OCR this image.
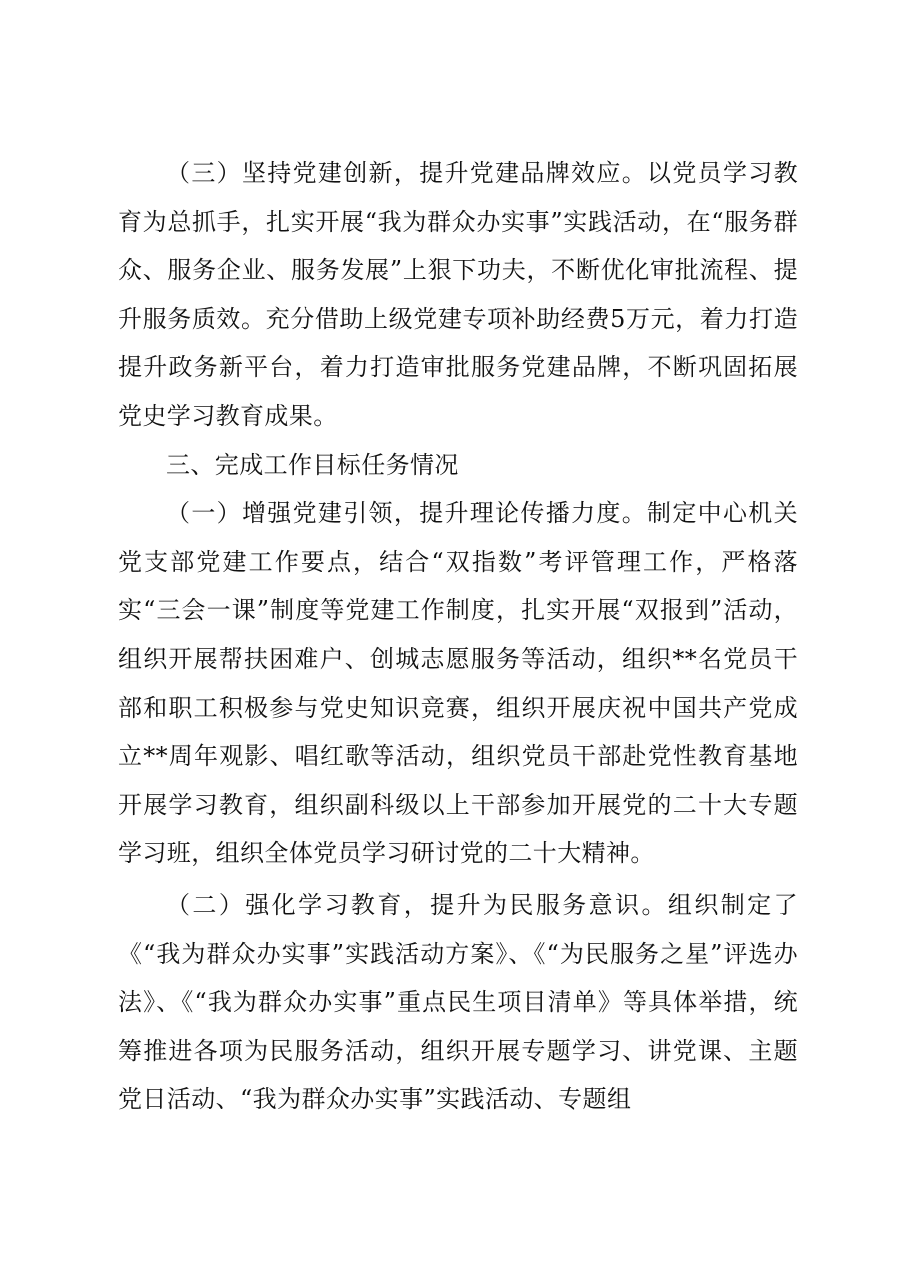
（三）坚持党建创新，提升党建品牌效应。以党员学习教育为总抓手，扎实开展“我为群众办实事”实践活动，在“服务群众、服务企业、服务发展”上狠下功夫，不断优化审批流程、提升服务质效。充分借助上级党建专项补助经费5万元，着力打造提升政务新平台，着力打造审批服务党建品牌，不断巩固拓展党史学习教育成果。

三、完成工作目标任务情况

（一）增强党建引领，提升理论传播力度。制定中心机关党支部党建工作要点，结合“双指数”考评管理工作，严格落实“三会一课”制度等党建工作制度，扎实开展“双报到”活动，组织开展帮扶困难户、创城志愿服务等活动，组织**名党员干部和职工积极参与党史知识竞赛，组织开展庆祝中国共产党成立**周年观影、唱红歌等活动，组织党员干部赴党性教育基地开展学习教育，组织副科级以上干部参加开展党的二十大专题学习班，组织全体党员学习研讨党的二十大精神。

（二）强化学习教育，提升为民服务意识。组织制定了《“我为群众办实事”实践活动方案》、《“为民服务之星”评选办法》、《“我为群众办实事”重点民生项目清单》等具体举措，统筹推进各项为民服务活动，组织开展专题学习、讲党课、主题党日活动、“我为群众办实事”实践活动、专题组
